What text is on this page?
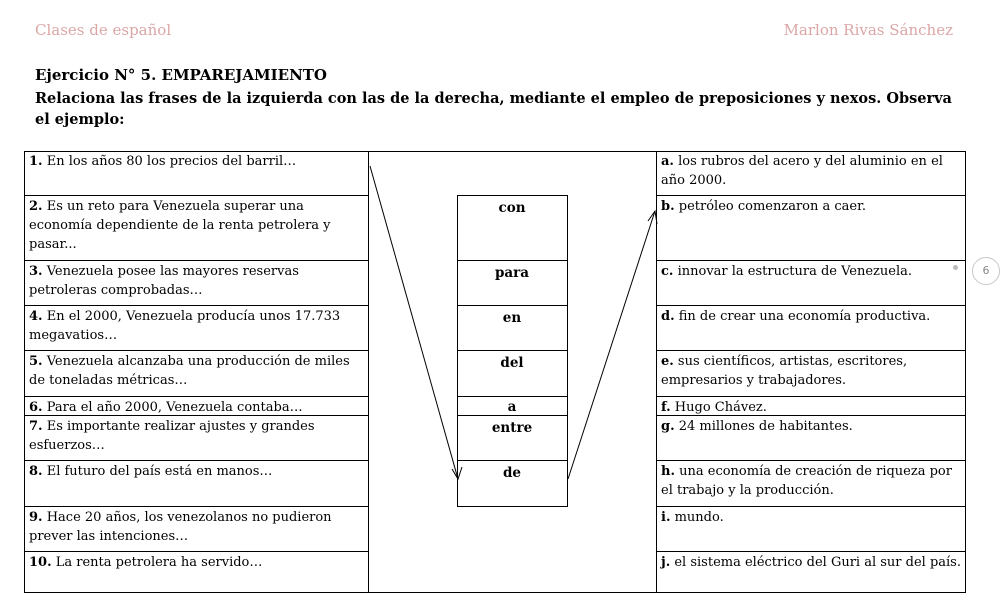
Clases de español	Marlon Rivas Sánchez
Ejercicio N° 5. EMPAREJAMIENTO
Relaciona las frases de la izquierda con las de la derecha, mediante el empleo de preposiciones y nexos. Observa el ejemplo:
1. En los años 80 los precios del barril…
2. Es un reto para Venezuela superar una economía dependiente de la renta petrolera y pasar...
3. Venezuela posee las mayores reservas petroleras comprobadas…
4. En el 2000, Venezuela producía unos 17.733 megavatios…
5. Venezuela alcanzaba una producción de miles de toneladas métricas…
6. Para el año 2000, Venezuela contaba…
7. Es importante realizar ajustes y grandes esfuerzos…
8. El futuro del país está en manos…
9. Hace 20 años, los venezolanos no pudieron prever las intenciones…
10. La renta petrolera ha servido…
con
para
en
del
a
entre
de
a. los rubros del acero y del aluminio en el año 2000.
b. petróleo comenzaron a caer.
c. innovar la estructura de Venezuela.
d. fin de crear una economía productiva.
e. sus científicos, artistas, escritores, empresarios y trabajadores.
f. Hugo Chávez.
g. 24 millones de habitantes.
h. una economía de creación de riqueza por el trabajo y la producción.
i. mundo.
j. el sistema eléctrico del Guri al sur del país.
6
